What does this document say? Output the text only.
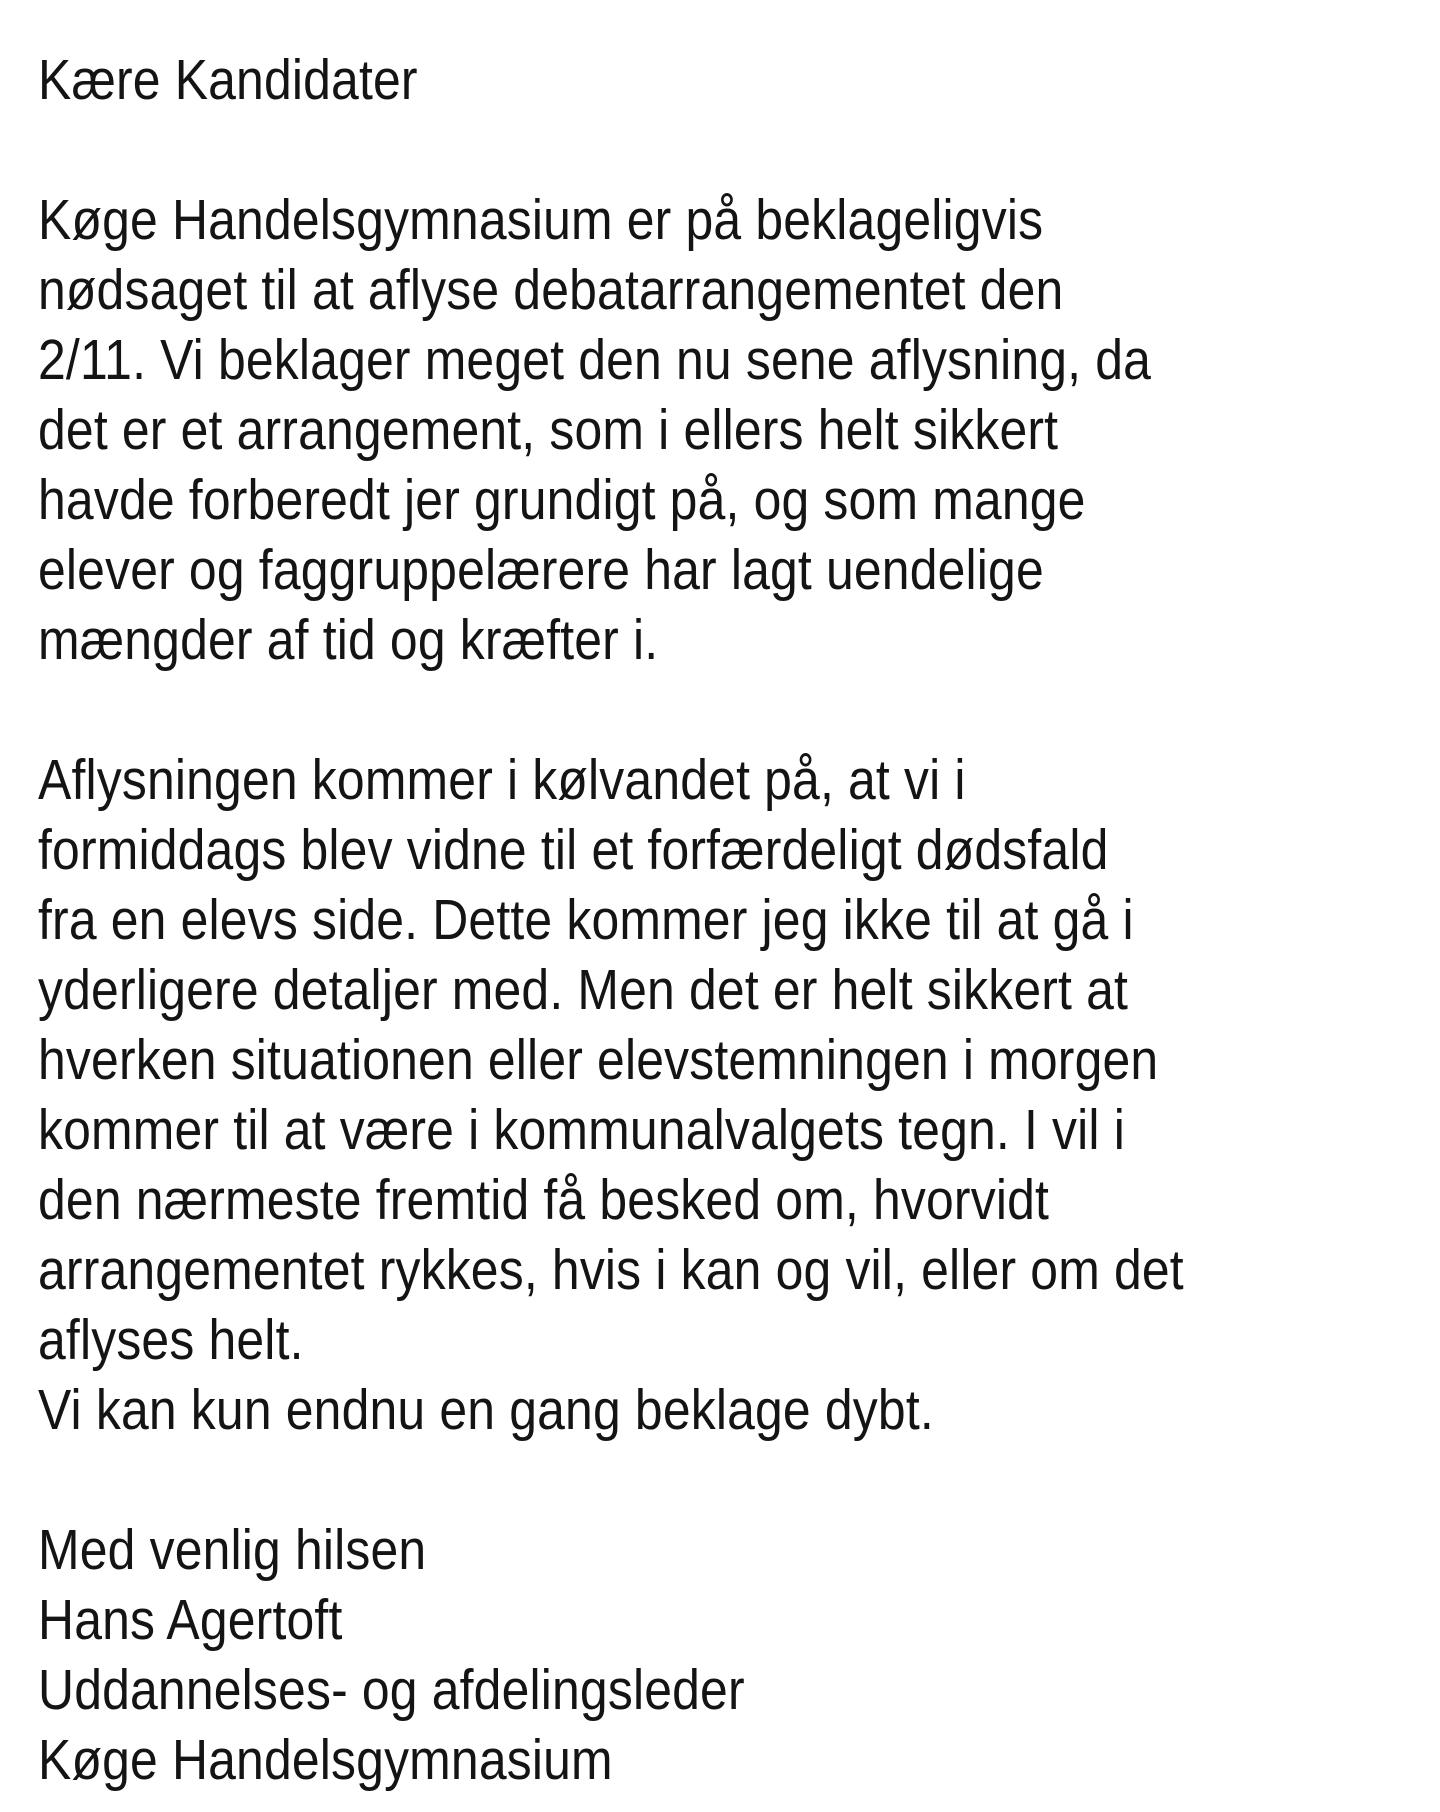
Kære Kandidater
Køge Handelsgymnasium er på beklageligvis
nødsaget til at aflyse debatarrangementet den
2/11. Vi beklager meget den nu sene aflysning, da
det er et arrangement, som i ellers helt sikkert
havde forberedt jer grundigt på, og som mange
elever og faggruppelærere har lagt uendelige
mængder af tid og kræfter i.
Aflysningen kommer i kølvandet på, at vi i
formiddags blev vidne til et forfærdeligt dødsfald
fra en elevs side. Dette kommer jeg ikke til at gå i
yderligere detaljer med. Men det er helt sikkert at
hverken situationen eller elevstemningen i morgen
kommer til at være i kommunalvalgets tegn. I vil i
den nærmeste fremtid få besked om, hvorvidt
arrangementet rykkes, hvis i kan og vil, eller om det
aflyses helt.
Vi kan kun endnu en gang beklage dybt.
Med venlig hilsen
Hans Agertoft
Uddannelses- og afdelingsleder
Køge Handelsgymnasium
